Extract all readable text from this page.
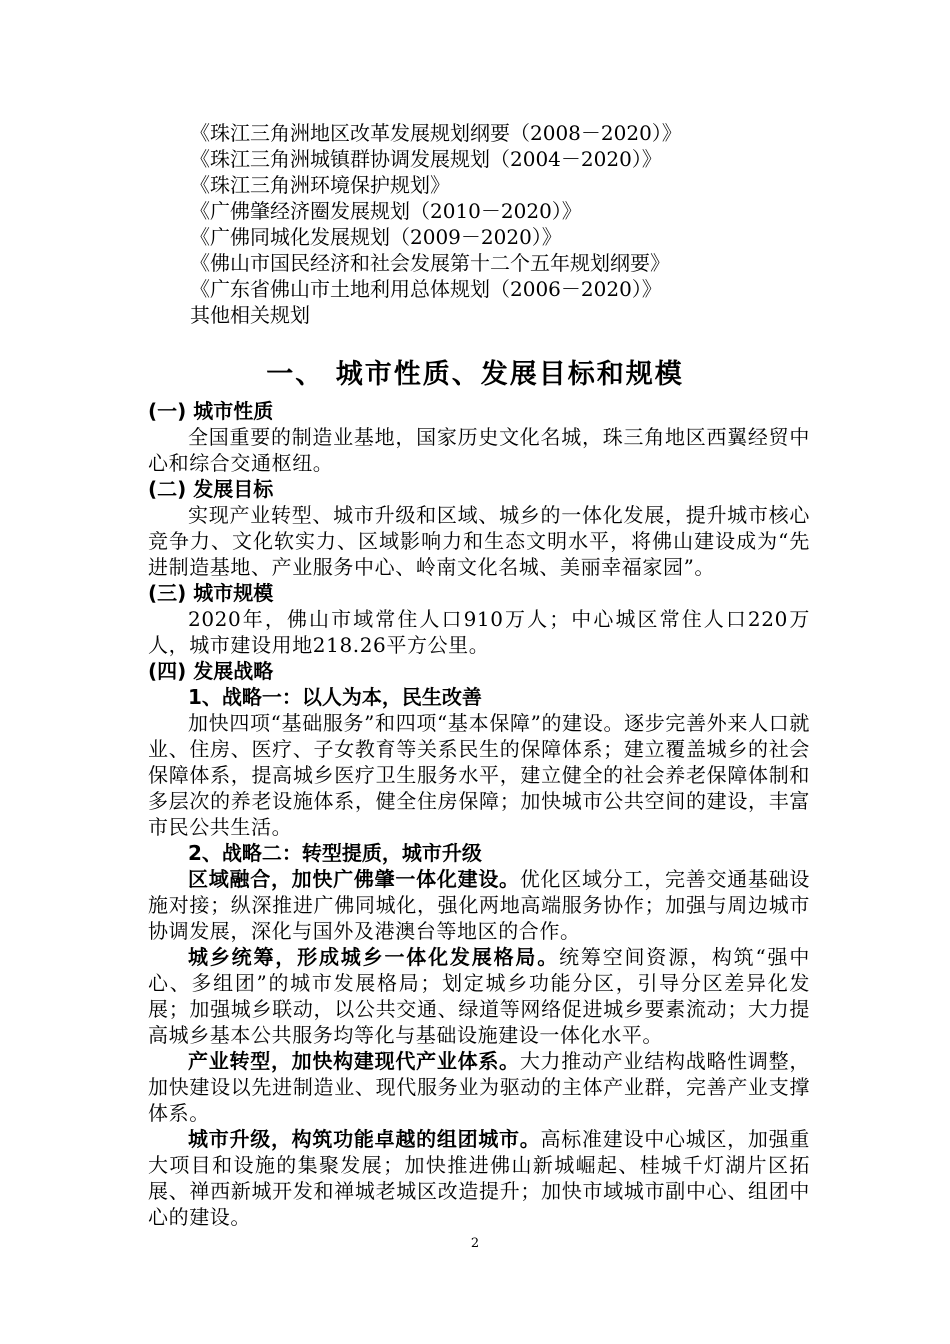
《珠江三角洲地区改革发展规划纲要（2008－2020）》
《珠江三角洲城镇群协调发展规划（2004－2020）》
《珠江三角洲环境保护规划》
《广佛肇经济圈发展规划（2010－2020）》
《广佛同城化发展规划（2009－2020）》
《佛山市国民经济和社会发展第十二个五年规划纲要》
《广东省佛山市土地利用总体规划（2006－2020）》
其他相关规划
一、 城市性质、发展目标和规模
(一) 城市性质
全国重要的制造业基地，国家历史文化名城，珠三角地区西翼经贸中心和综合交通枢纽。
(二) 发展目标
实现产业转型、城市升级和区域、城乡的一体化发展，提升城市核心竞争力、文化软实力、区域影响力和生态文明水平，将佛山建设成为“先进制造基地、产业服务中心、岭南文化名城、美丽幸福家园”。
(三) 城市规模
2020年，佛山市域常住人口910万人；中心城区常住人口220万人，城市建设用地218.26平方公里。
(四) 发展战略
1、战略一：以人为本，民生改善
加快四项“基础服务”和四项“基本保障”的建设。逐步完善外来人口就业、住房、医疗、子女教育等关系民生的保障体系；建立覆盖城乡的社会保障体系，提高城乡医疗卫生服务水平，建立健全的社会养老保障体制和多层次的养老设施体系，健全住房保障；加快城市公共空间的建设，丰富市民公共生活。
2、战略二：转型提质，城市升级
区域融合，加快广佛肇一体化建设。优化区域分工，完善交通基础设施对接；纵深推进广佛同城化，强化两地高端服务协作；加强与周边城市协调发展，深化与国外及港澳台等地区的合作。
城乡统筹，形成城乡一体化发展格局。统筹空间资源，构筑“强中心、多组团”的城市发展格局；划定城乡功能分区，引导分区差异化发展；加强城乡联动，以公共交通、绿道等网络促进城乡要素流动；大力提高城乡基本公共服务均等化与基础设施建设一体化水平。
产业转型，加快构建现代产业体系。大力推动产业结构战略性调整，加快建设以先进制造业、现代服务业为驱动的主体产业群，完善产业支撑体系。
城市升级，构筑功能卓越的组团城市。高标准建设中心城区，加强重大项目和设施的集聚发展；加快推进佛山新城崛起、桂城千灯湖片区拓展、禅西新城开发和禅城老城区改造提升；加快市域城市副中心、组团中心的建设。
2
